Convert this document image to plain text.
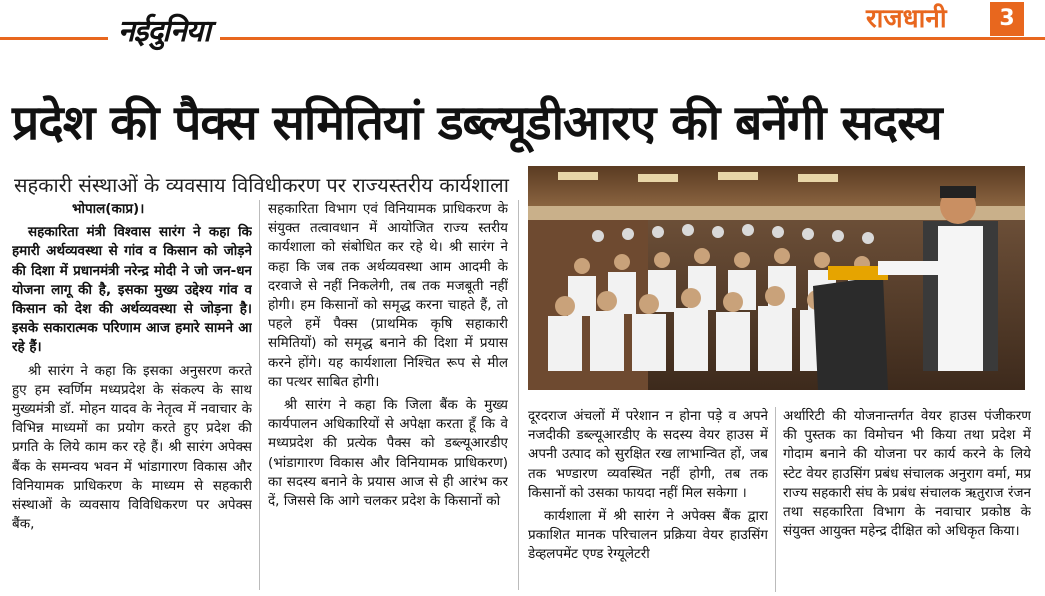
नईदुनिया	राजधानी	3
प्रदेश की पैक्स समितियां डब्ल्यूडीआरए की बनेंगी सदस्य
सहकारी संस्थाओं के व्यवसाय विविधीकरण पर राज्यस्तरीय कार्यशाला

भोपाल(काप्र)।

सहकारिता मंत्री विश्वास सारंग ने कहा कि हमारी अर्थव्यवस्था से गांव व किसान को जोड़ने की दिशा में प्रधानमंत्री नरेन्द्र मोदी ने जो जन-धन योजना लागू की है, इसका मुख्य उद्देश्य गांव व किसान को देश की अर्थव्यवस्था से जोड़ना है। इसके सकारात्मक परिणाम आज हमारे सामने आ रहे हैं।

श्री सारंग ने कहा कि इसका अनुसरण करते हुए हम स्वर्णिम मध्यप्रदेश के संकल्प के साथ मुख्यमंत्री डॉ. मोहन यादव के नेतृत्व में नवाचार के विभिन्न माध्यमों का प्रयोग करते हुए प्रदेश की प्रगति के लिये काम कर रहे हैं। श्री सारंग अपेक्स बैंक के समन्वय भवन में भांडागारण विकास और विनियामक प्राधिकरण के माध्यम से सहकारी संस्थाओं के व्यवसाय विविधिकरण पर अपेक्स बैंक,

सहकारिता विभाग एवं विनियामक प्राधिकरण के संयुक्त तत्वावधान में आयोजित राज्य स्तरीय कार्यशाला को संबोधित कर रहे थे। श्री सारंग ने कहा कि जब तक अर्थव्यवस्था आम आदमी के दरवाजे से नहीं निकलेगी, तब तक मजबूती नहीं होगी। हम किसानों को समृद्ध करना चाहते हैं, तो पहले हमें पैक्स (प्राथमिक कृषि सहाकारी समितियों) को समृद्ध बनाने की दिशा में प्रयास करने होंगे। यह कार्यशाला निश्चित रूप से मील का पत्थर साबित होगी।

श्री सारंग ने कहा कि जिला बैंक के मुख्य कार्यपालन अधिकारियों से अपेक्षा करता हूँ कि वे मध्यप्रदेश की प्रत्येक पैक्स को डब्ल्यूआरडीए (भांडागारण विकास और विनियामक प्राधिकरण) का सदस्य बनाने के प्रयास आज से ही आरंभ कर दें, जिससे कि आगे चलकर प्रदेश के किसानों को

दूरदराज अंचलों में परेशान न होना पड़े व अपने नजदीकी डब्ल्यूआरडीए के सदस्य वेयर हाउस में अपनी उत्पाद को सुरक्षित रख लाभान्वित हों, जब तक भण्डारण व्यवस्थित नहीं होगी, तब तक किसानों को उसका फायदा नहीं मिल सकेगा ।

कार्यशाला में श्री सारंग ने अपेक्स बैंक द्वारा प्रकाशित मानक परिचालन प्रक्रिया वेयर हाउसिंग डेव्हलपमेंट एण्ड रेग्यूलेटरी

अर्थारिटी की योजनान्तर्गत वेयर हाउस पंजीकरण की पुस्तक का विमोचन भी किया तथा प्रदेश में गोदाम बनाने की योजना पर कार्य करने के लिये स्टेट वेयर हाउसिंग प्रबंध संचालक अनुराग वर्मा, मप्र राज्य सहकारी संघ के प्रबंध संचालक ऋतुराज रंजन तथा सहकारिता विभाग के नवाचार प्रकोष्ठ के संयुक्त आयुक्त महेन्द्र दीक्षित को अधिकृत किया।
